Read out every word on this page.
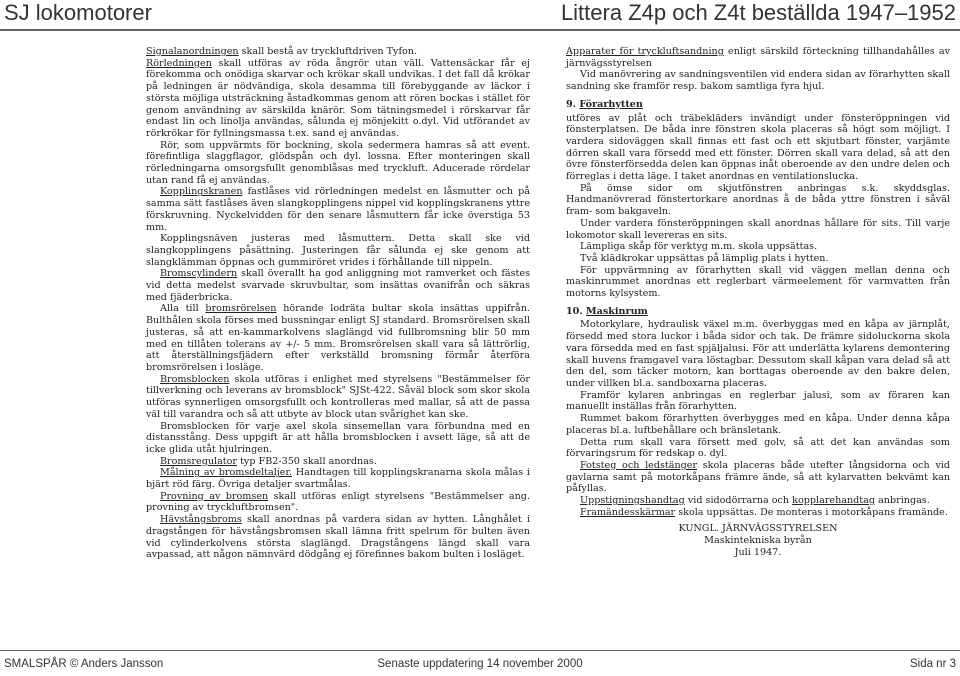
SJ lokomotorer	Littera Z4p och Z4t beställda 1947–1952

Signalanordningen skall bestå av tryckluftdriven Tyfon.

Rörledningen skall utföras av röda ångrör utan väll. Vattensäckar får ej förekomma och onödiga skarvar och krökar skall undvikas. I det fall då krökar på ledningen är nödvändiga, skola desamma till förebyggande av läckor i största möjliga utsträckning åstadkommas genom att rören bockas i stället för genom användning av särskilda knärör. Som tätningsmedel i rörskarvar får endast lin och linolja användas, sålunda ej mönjekitt o.dyl. Vid utförandet av rörkrökar för fyllningsmassa t.ex. sand ej användas.

Rör, som uppvärmts för bockning, skola sedermera hamras så att event. förefintliga slaggflagor, glödspån och dyl. lossna. Efter monteringen skall rörledningarna omsorgsfullt genomblåsas med tryckluft. Aducerade rördelar utan rand få ej användas.

Kopplingskranen fastlåses vid rörledningen medelst en låsmutter och på samma sätt fastlåses även slangkopplingens nippel vid kopplingskranens yttre förskruvning. Nyckelvidden för den senare låsmuttern får icke överstiga 53 mm.

Kopplingsnäven justeras med låsmuttern. Detta skall ske vid slangkopplingens påsättning. Justeringen får sålunda ej ske genom att slangklämman öppnas och gummiröret vrides i förhållande till nippeln.

Bromscylindern skall överallt ha god anliggning mot ramverket och fästes vid detta medelst svarvade skruvbultar, som insättas ovanifrån och säkras med fjäderbricka.

Alla till bromsrörelsen hörande lodräta bultar skola insättas uppifrån. Bulthålen skola förses med bussningar enligt SJ standard. Bromsrörelsen skall justeras, så att en-kammarkolvens slaglängd vid fullbromsning blir 50 mm med en tillåten tolerans av +/- 5 mm. Bromsrörelsen skall vara så lättrörlig, att återställningsfjädern efter verkställd bromsning förmår återföra bromsrörelsen i losläge.

Bromsblocken skola utföras i enlighet med styrelsens "Bestämmelser för tillverkning och leverans av bromsblock" SJSt-422. Såväl block som skor skola utföras synnerligen omsorgsfullt och kontrolleras med mallar, så att de passa väl till varandra och så att utbyte av block utan svårighet kan ske.

Bromsblocken för varje axel skola sinsemellan vara förbundna med en distansstång. Dess uppgift är att hålla bromsblocken i avsett läge, så att de icke glida utåt hjulringen.

Bromsregulator typ FB2-350 skall anordnas.

Målning av bromsdeltaljer. Handtagen till kopplingskranarna skola målas i bjärt röd färg. Övriga detaljer svartmålas.

Provning av bromsen skall utföras enligt styrelsens "Bestämmelser ang. provning av tryckluftbromsen".

Hävstångsbroms skall anordnas på vardera sidan av hytten. Långhålet i dragstången för hävstångsbromsen skall lämna fritt spelrum för bulten även vid cylinderkolvens största slaglängd. Dragstångens längd skall vara avpassad, att någon nämnvärd dödgång ej förefinnes bakom bulten i losläget.

Apparater för tryckluftsandning enligt särskild förteckning tillhandahålles av järnvägsstyrelsen

Vid manövrering av sandningsventilen vid endera sidan av förarhytten skall sandning ske framför resp. bakom samtliga fyra hjul.

9. Förarhytten

utföres av plåt och träbekläders invändigt under fönsteröppningen vid fönsterplatsen. De båda inre fönstren skola placeras så högt som möjligt. I vardera sidoväggen skall finnas ett fast och ett skjutbart fönster, varjämte dörren skall vara försedd med ett fönster. Dörren skall vara delad, så att den övre fönsterförsedda delen kan öppnas inåt oberoende av den undre delen och förreglas i detta läge. I taket anordnas en ventilationslucka.

På ömse sidor om skjutfönstren anbringas s.k. skyddsglas. Handmanövrerad fönstertorkare anordnas å de båda yttre fönstren i såväl fram- som bakgaveln.

Under vardera fönsteröppningen skall anordnas hållare för sits. Till varje lokomotor skall levereras en sits.

Lämpliga skåp för verktyg m.m. skola uppsättas.

Två klädkrokar uppsättas på lämplig plats i hytten.

För uppvärmning av förarhytten skall vid väggen mellan denna och maskinrummet anordnas ett reglerbart värmeelement för varmvatten från motorns kylsystem.

10. Maskinrum

Motorkylare, hydraulisk växel m.m. överbyggas med en kåpa av järnplåt, försedd med stora luckor i båda sidor och tak. De främre sidoluckorna skola vara försedda med en fast spjäljalusi. För att underlätta kylarens demontering skall huvens framgavel vara löstagbar. Dessutom skall kåpan vara delad så att den del, som täcker motorn, kan borttagas oberoende av den bakre delen, under villken bl.a. sandboxarna placeras.

Framför kylaren anbringas en reglerbar jalusi, som av föraren kan manuellt inställas från förarhytten.

Rummet bakom förarhytten överbygges med en kåpa. Under denna kåpa placeras bl.a. luftbehållare och bränsletank.

Detta rum skall vara försett med golv, så att det kan användas som förvaringsrum för redskap o. dyl.

Fotsteg och ledstänger skola placeras både utefter långsidorna och vid gavlarna samt på motorkåpans främre ände, så att kylarvatten bekvämt kan påfyllas.

Uppstigningshandtag vid sidodörrarna och kopplarehandtag anbringas.

Framändesskärmar skola uppsättas. De monteras i motorkåpans framände.

KUNGL. JÄRNVÄGSSTYRELSEN

Maskintekniska byrån

Juli 1947.

SMALSPÅR © Anders Jansson	Senaste uppdatering 14 november 2000	Sida nr 3
